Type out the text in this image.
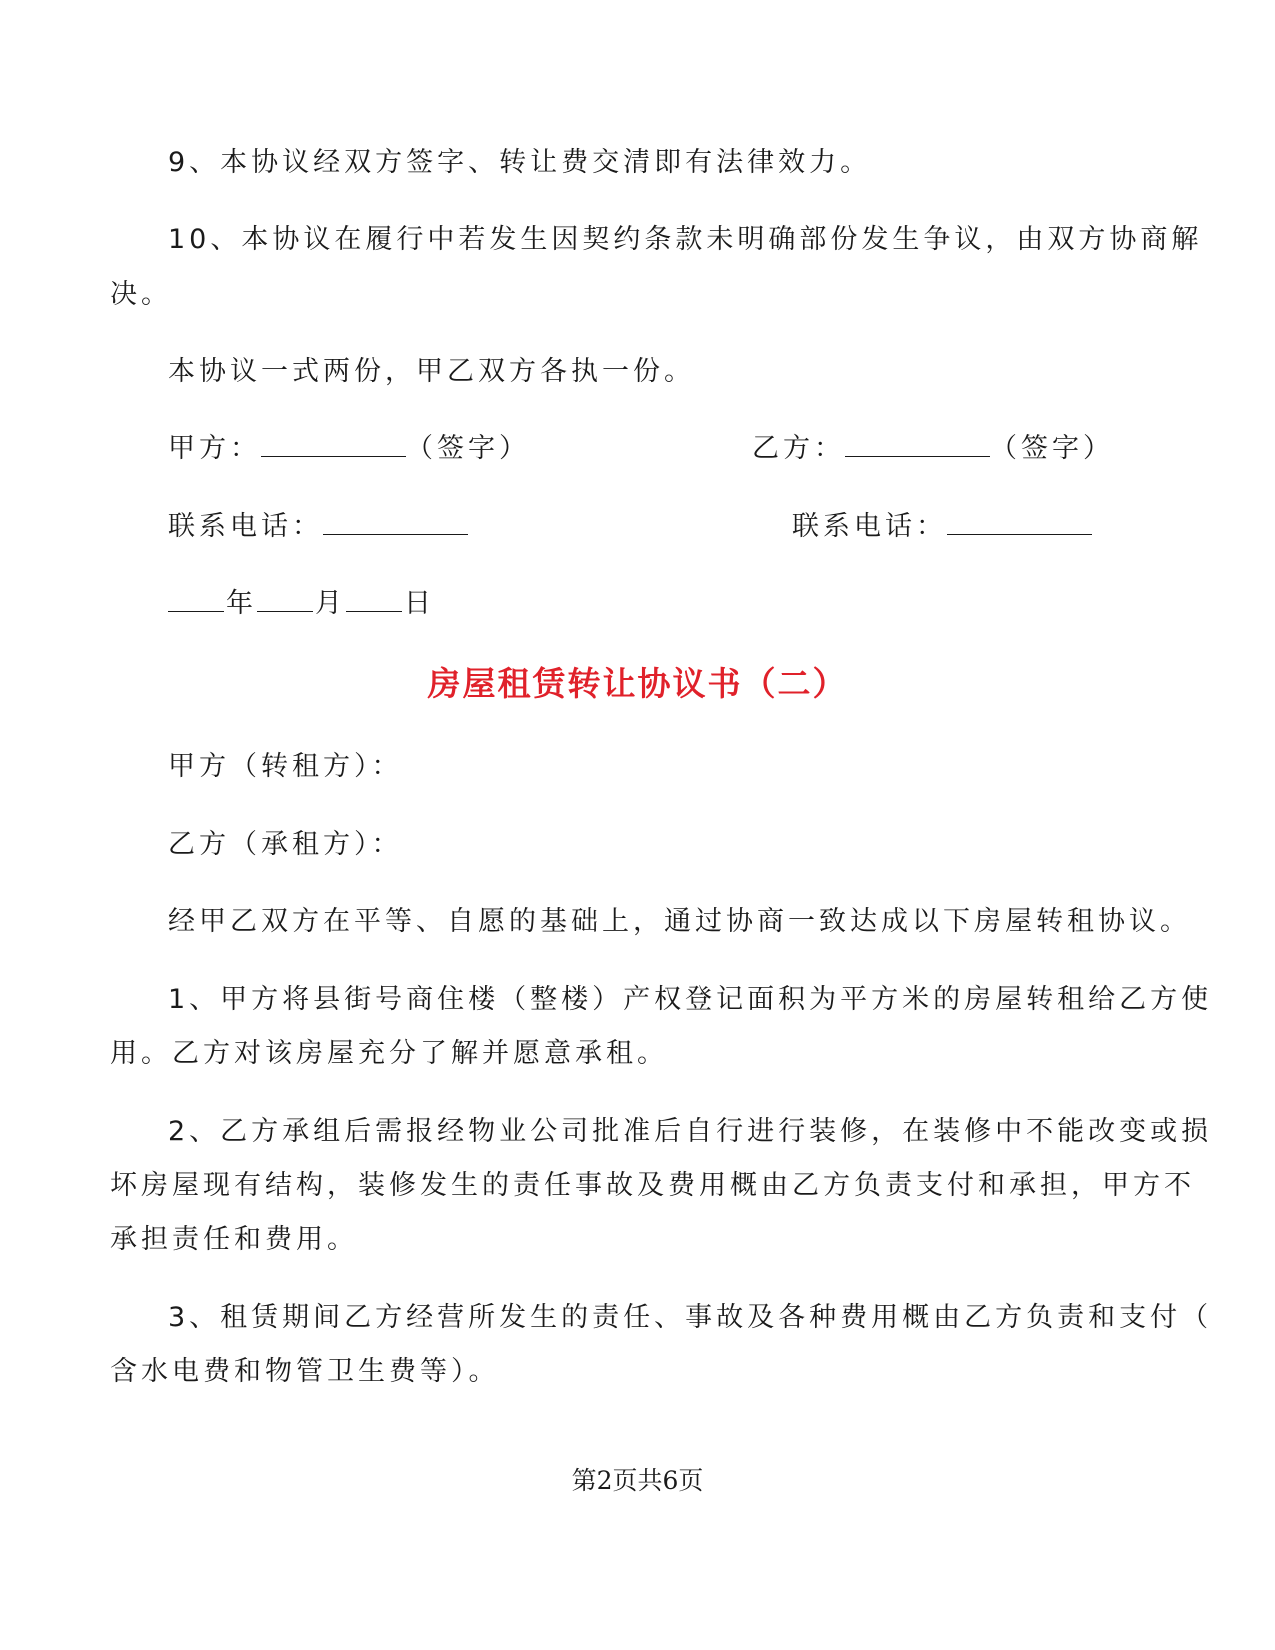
9、本协议经双方签字、转让费交清即有法律效力。
10、本协议在履行中若发生因契约条款未明确部份发生争议，由双方协商解
决。
本协议一式两份，甲乙双方各执一份。
甲方：	（签字）	乙方：	（签字）
联系电话：	联系电话：
年 月 日
房屋租赁转让协议书（二）
甲方（转租方）：
乙方（承租方）：
经甲乙双方在平等、自愿的基础上，通过协商一致达成以下房屋转租协议。
1、甲方将县街号商住楼（整楼）产权登记面积为平方米的房屋转租给乙方使
用。乙方对该房屋充分了解并愿意承租。
2、乙方承组后需报经物业公司批准后自行进行装修，在装修中不能改变或损
坏房屋现有结构，装修发生的责任事故及费用概由乙方负责支付和承担，甲方不
承担责任和费用。
3、租赁期间乙方经营所发生的责任、事故及各种费用概由乙方负责和支付（
含水电费和物管卫生费等）。
第2页共6页
